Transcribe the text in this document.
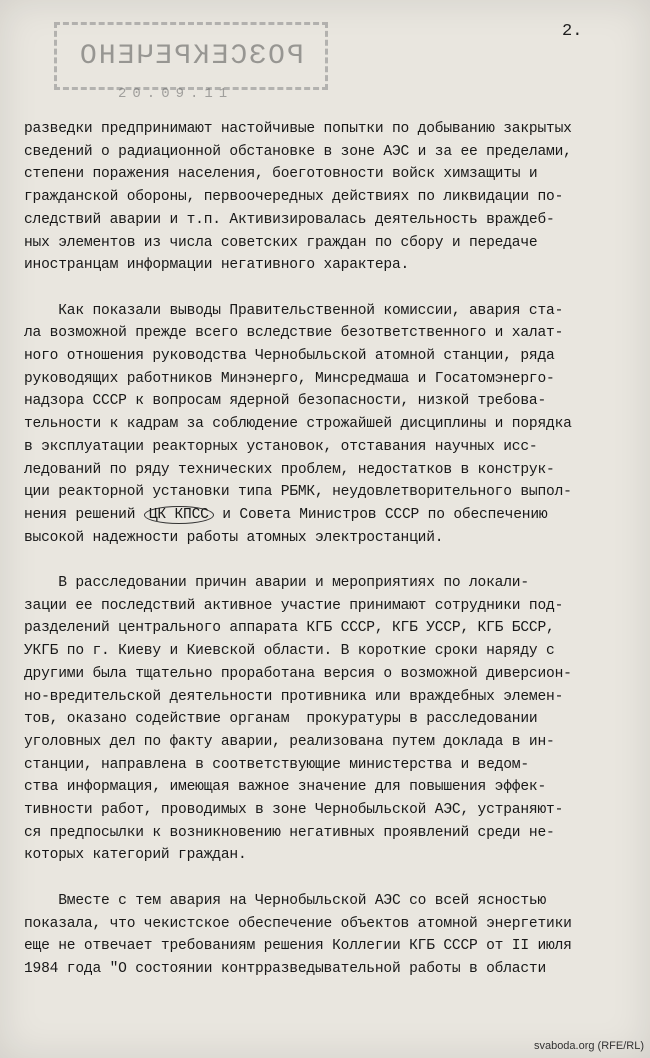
2.
РОЗСЕКРЕЧЕНО
20.09.11
разведки предпринимают настойчивые попытки по добыванию закрытых
сведений о радиационной обстановке в зоне АЭС и за ее пределами,
степени поражения населения, боеготовности войск химзащиты и
гражданской обороны, первоочередных действиях по ликвидации по-
следствий аварии и т.п. Активизировалась деятельность враждеб-
ных элементов из числа советских граждан по сбору и передаче
иностранцам информации негативного характера.
Как показали выводы Правительственной комиссии, авария ста-
ла возможной прежде всего вследствие безответственного и халат-
ного отношения руководства Чернобыльской атомной станции, ряда
руководящих работников Минэнерго, Минсредмаша и Госатомэнерго-
надзора СССР к вопросам ядерной безопасности, низкой требова-
тельности к кадрам за соблюдение строжайшей дисциплины и порядка
в эксплуатации реакторных установок, отставания научных исс-
ледований по ряду технических проблем, недостатков в конструк-
ции реакторной установки типа РБМК, неудовлетворительного выпол-
нения решений ЦК КПСС и Совета Министров СССР по обеспечению
высокой надежности работы атомных электростанций.
В расследовании причин аварии и мероприятиях по локали-
зации ее последствий активное участие принимают сотрудники под-
разделений центрального аппарата КГБ СССР, КГБ УССР, КГБ БССР,
УКГБ по г. Киеву и Киевской области. В короткие сроки наряду с
другими была тщательно проработана версия о возможной диверсион-
но-вредительской деятельности противника или враждебных элемен-
тов, оказано содействие органам  прокуратуры в расследовании
уголовных дел по факту аварии, реализована путем доклада в ин-
станции, направлена в соответствующие министерства и ведом-
ства информация, имеющая важное значение для повышения эффек-
тивности работ, проводимых в зоне Чернобыльской АЭС, устраняют-
ся предпосылки к возникновению негативных проявлений среди не-
которых категорий граждан.
Вместе с тем авария на Чернобыльской АЭС со всей ясностью
показала, что чекистское обеспечение объектов атомной энергетики
еще не отвечает требованиям решения Коллегии КГБ СССР от II июля
1984 года "О состоянии контрразведывательной работы в области
svaboda.org (RFE/RL)
